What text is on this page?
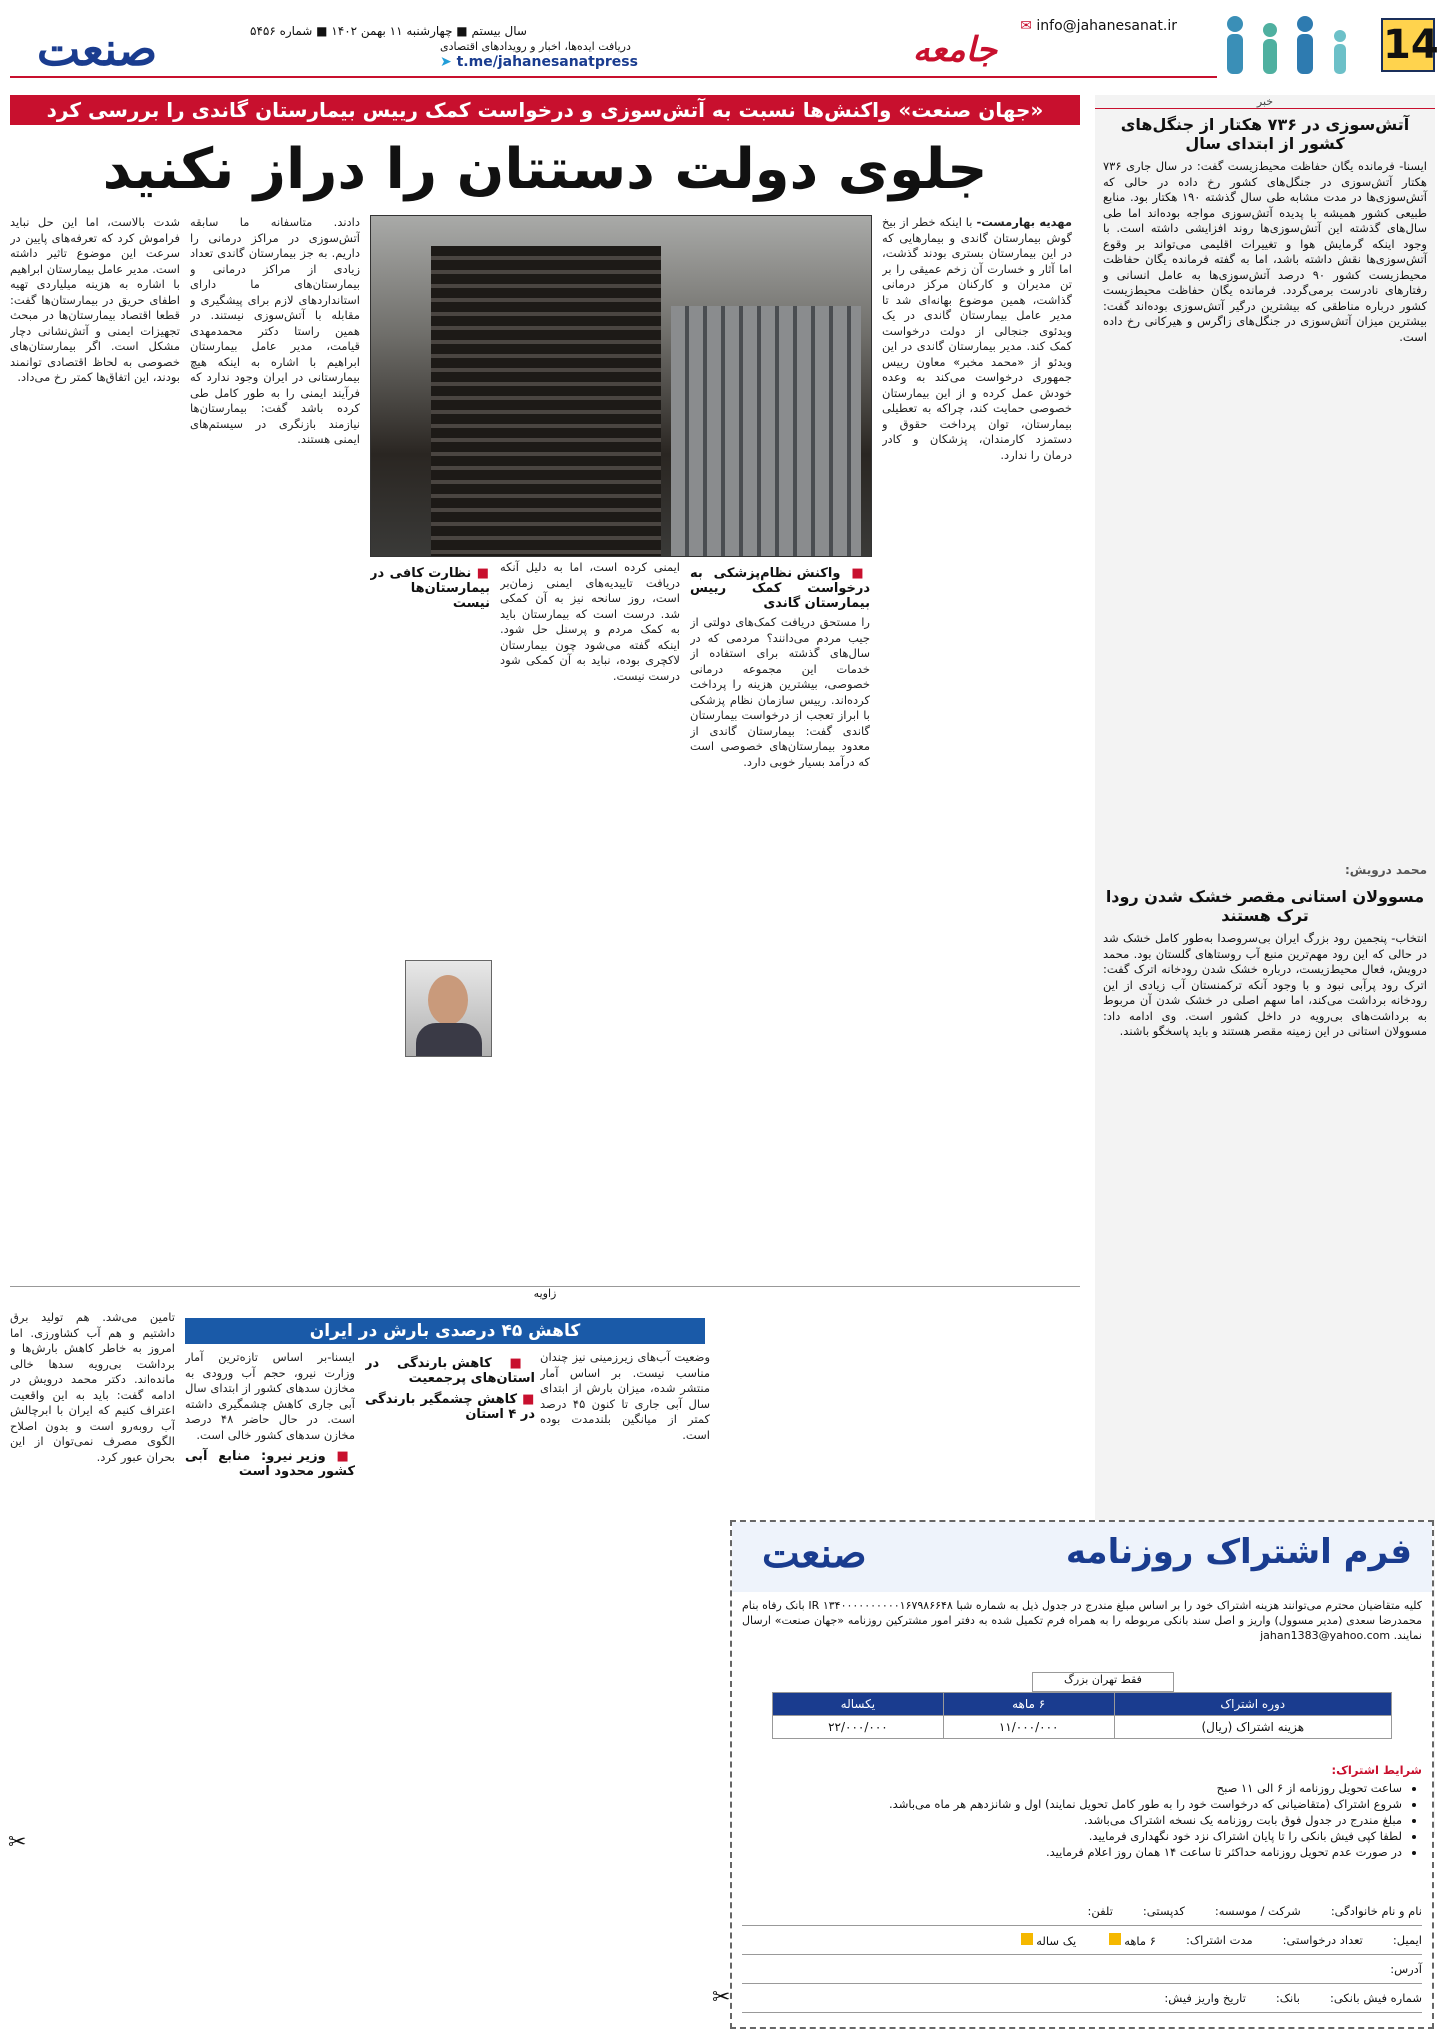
14
✉ info@jahanesanat.ir
جامعه
دریافت ایده‌ها، اخبار و رویدادهای اقتصادی
➤ t.me/jahanesanatpress
سال بیستم ■ چهارشنبه ۱۱ بهمن ۱۴۰۲ ■ شماره ۵۴۵۶
صنعت
«جهان صنعت» واکنش‌ها نسبت به آتش‌سوزی و درخواست کمک رییس بیمارستان گاندی را بررسی کرد
جلوی دولت دستتان را دراز نکنید
مهدیه بهارمست- با اینکه خطر از بیخ گوش بیمارستان گاندی و بیمارهایی که در این بیمارستان بستری بودند گذشت، اما آثار و خسارت آن زخم عمیقی را بر تن مدیران و کارکنان مرکز درمانی گذاشت، همین موضوع بهانه‌ای شد تا مدیر عامل بیمارستان گاندی در یک ویدئوی جنجالی از دولت درخواست کمک کند. مدیر بیمارستان گاندی در این ویدئو از «محمد مخبر» معاون رییس جمهوری درخواست می‌کند به وعده خودش عمل کرده و از این بیمارستان خصوصی حمایت کند، چراکه به تعطیلی بیمارستان، توان پرداخت حقوق و دستمزد کارمندان، پزشکان و کادر درمان را ندارد.
■ واکنش نظام‌پزشکی به درخواست کمک رییس بیمارستان گاندی
را مستحق دریافت کمک‌های دولتی از جیب مردم می‌دانند؟ مردمی که در سال‌های گذشته برای استفاده از خدمات این مجموعه درمانی خصوصی، بیشترین هزینه را پرداخت کرده‌اند. رییس سازمان نظام پزشکی با ابراز تعجب از درخواست بیمارستان گاندی گفت: بیمارستان گاندی از معدود بیمارستان‌های خصوصی است که درآمد بسیار خوبی دارد.
ایمنی کرده است، اما به دلیل آنکه دریافت تاییدیه‌های ایمنی زمان‌بر است، روز سانحه نیز به آن کمکی شد. درست است که بیمارستان باید به کمک مردم و پرسنل حل شود. اینکه گفته می‌شود چون بیمارستان لاکچری بوده، نباید به آن کمکی شود درست نیست.
■ نظارت کافی در بیمارستان‌ها نیست
دادند. متاسفانه ما سابقه آتش‌سوزی در مراکز درمانی را داریم. به جز بیمارستان گاندی تعداد زیادی از مراکز درمانی و بیمارستان‌های ما دارای استانداردهای لازم برای پیشگیری و مقابله با آتش‌سوزی نیستند. در همین راستا دکتر محمدمهدی قیامت، مدیر عامل بیمارستان ابراهیم با اشاره به اینکه هیچ بیمارستانی در ایران وجود ندارد که فرآیند ایمنی را به طور کامل طی کرده باشد گفت: بیمارستان‌ها نیازمند بازنگری در سیستم‌های ایمنی هستند.
شدت بالاست، اما این حل نباید فراموش کرد که تعرفه‌های پایین در سرعت این موضوع تاثیر داشته است. مدیر عامل بیمارستان ابراهیم با اشاره به هزینه میلیاردی تهیه اطفای حریق در بیمارستان‌ها گفت: قطعا اقتصاد بیمارستان‌ها در مبحث تجهیزات ایمنی و آتش‌نشانی دچار مشکل است. اگر بیمارستان‌های خصوصی به لحاظ اقتصادی توانمند بودند، این اتفاق‌ها کمتر رخ می‌داد.
خبر
آتش‌سوزی در ۷۳۶ هکتار از جنگل‌های کشور از ابتدای سال
ایسنا- فرمانده یگان حفاظت محیط‌زیست گفت: در سال جاری ۷۳۶ هکتار آتش‌سوزی در جنگل‌های کشور رخ داده در حالی که آتش‌سوزی‌ها در مدت مشابه طی سال گذشته ۱۹۰ هکتار بود. منابع طبیعی کشور همیشه با پدیده آتش‌سوزی مواجه بوده‌اند اما طی سال‌های گذشته این آتش‌سوزی‌ها روند افزایشی داشته است. با وجود اینکه گرمایش هوا و تغییرات اقلیمی می‌تواند بر وقوع آتش‌سوزی‌ها نقش داشته باشد، اما به گفته فرمانده یگان حفاظت محیط‌زیست کشور ۹۰ درصد آتش‌سوزی‌ها به عامل انسانی و رفتارهای نادرست برمی‌گردد. فرمانده یگان حفاظت محیط‌زیست کشور درباره مناطقی که بیشترین درگیر آتش‌سوزی بوده‌اند گفت: بیشترین میزان آتش‌سوزی در جنگل‌های زاگرس و هیرکانی رخ داده است.
محمد درویش:
مسوولان استانی مقصر خشک شدن رودا ترک هستند
انتخاب- پنجمین رود بزرگ ایران بی‌سروصدا به‌طور کامل خشک شد در حالی که این رود مهم‌ترین منبع آب روستاهای گلستان بود. محمد درویش، فعال محیط‌زیست، درباره خشک شدن رودخانه اترک گفت: اترک رود پرآبی نبود و با وجود آنکه ترکمنستان آب زیادی از این رودخانه برداشت می‌کند، اما سهم اصلی در خشک شدن آن مربوط به برداشت‌های بی‌رویه در داخل کشور است. وی ادامه داد: مسوولان استانی در این زمینه مقصر هستند و باید پاسخگو باشند.
زاویه
کاهش ۴۵ درصدی بارش در ایران
تامین می‌شد. هم تولید برق داشتیم و هم آب کشاورزی. اما امروز به خاطر کاهش بارش‌ها و برداشت بی‌رویه سدها خالی مانده‌اند. دکتر محمد درویش در ادامه گفت: باید به این واقعیت اعتراف کنیم که ایران با ابرچالش آب روبه‌رو است و بدون اصلاح الگوی مصرف نمی‌توان از این بحران عبور کرد.
وضعیت آب‌های زیرزمینی نیز چندان مناسب نیست. بر اساس آمار منتشر شده، میزان بارش از ابتدای سال آبی جاری تا کنون ۴۵ درصد کمتر از میانگین بلندمدت بوده است.
■ کاهش بارندگی در استان‌های پرجمعیت
■ کاهش چشمگیر بارندگی در ۴ استان
ایسنا-بر اساس تازه‌ترین آمار وزارت نیرو، حجم آب ورودی به مخازن سدهای کشور از ابتدای سال آبی جاری کاهش چشمگیری داشته است. در حال حاضر ۴۸ درصد مخازن سدهای کشور خالی است.
■ وزیر نیرو: منابع آبی کشور محدود است
فرم اشتراک روزنامه
صنعت
کلیه متقاضیان محترم می‌توانند هزینه اشتراک خود را بر اساس مبلغ مندرج در جدول ذیل به شماره شبا ۱۳۴۰۰۰۰۰۰۰۰۰۰۱۶۷۹۸۶۶۴۸ IR بانک رفاه بنام محمدرضا سعدی (مدیر مسوول) واریز و اصل سند بانکی مربوطه را به همراه فرم تکمیل شده به دفتر امور مشترکین روزنامه «جهان صنعت» ارسال نمایند. jahan1383@yahoo.com
فقط تهران بزرگ
دوره اشتراک	۶ ماهه	یکساله
هزینه اشتراک (ریال)	۱۱/۰۰۰/۰۰۰	۲۲/۰۰۰/۰۰۰
شرایط اشتراک:
• ساعت تحویل روزنامه از ۶ الی ۱۱ صبح
• شروع اشتراک (متقاضیانی که درخواست خود را به طور کامل تحویل نمایند) اول و شانزدهم هر ماه می‌باشد.
• مبلغ مندرج در جدول فوق بابت روزنامه یک نسخه اشتراک می‌باشد.
• لطفا کپی فیش بانکی را تا پایان اشتراک نزد خود نگهداری فرمایید.
• در صورت عدم تحویل روزنامه حداکثر تا ساعت ۱۴ همان روز اعلام فرمایید.
نام و نام خانوادگی:
شرکت / موسسه:
کدپستی:
تلفن:
ایمیل:
تعداد درخواستی:
مدت اشتراک:
۶ ماهه
یک ساله
آدرس:
شماره فیش بانکی:
بانک:
تاریخ واریز فیش:
✂
✂
